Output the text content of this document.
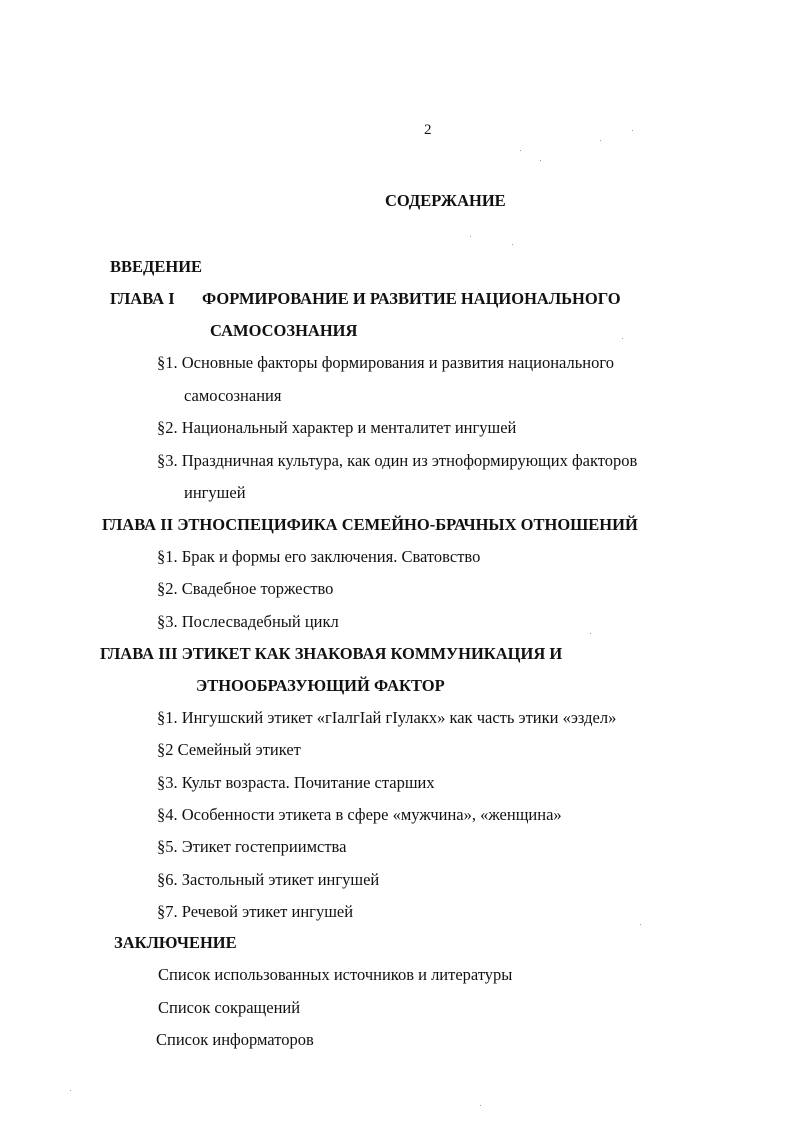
2
СОДЕРЖАНИЕ
ВВЕДЕНИЕ
ГЛАВА I ФОРМИРОВАНИЕ И РАЗВИТИЕ НАЦИОНАЛЬНОГО
САМОСОЗНАНИЯ
§1. Основные факторы формирования и развития национального
самосознания
§2. Национальный характер и менталитет ингушей
§3. Праздничная культура, как один из этноформирующих факторов
ингушей
ГЛАВА II ЭТНОСПЕЦИФИКА СЕМЕЙНО-БРАЧНЫХ ОТНОШЕНИЙ
§1. Брак и формы его заключения. Сватовство
§2. Свадебное торжество
§3. Послесвадебный цикл
ГЛАВА III ЭТИКЕТ КАК ЗНАКОВАЯ КОММУНИКАЦИЯ И
ЭТНООБРАЗУЮЩИЙ ФАКТОР
§1. Ингушский этикет «гIалгIай гIулакх» как часть этики «эздел»
§2 Семейный этикет
§3. Культ возраста. Почитание старших
§4. Особенности этикета в сфере «мужчина», «женщина»
§5. Этикет гостеприимства
§6. Застольный этикет ингушей
§7. Речевой этикет ингушей
ЗАКЛЮЧЕНИЕ
Список использованных источников и литературы
Список сокращений
Список информаторов
